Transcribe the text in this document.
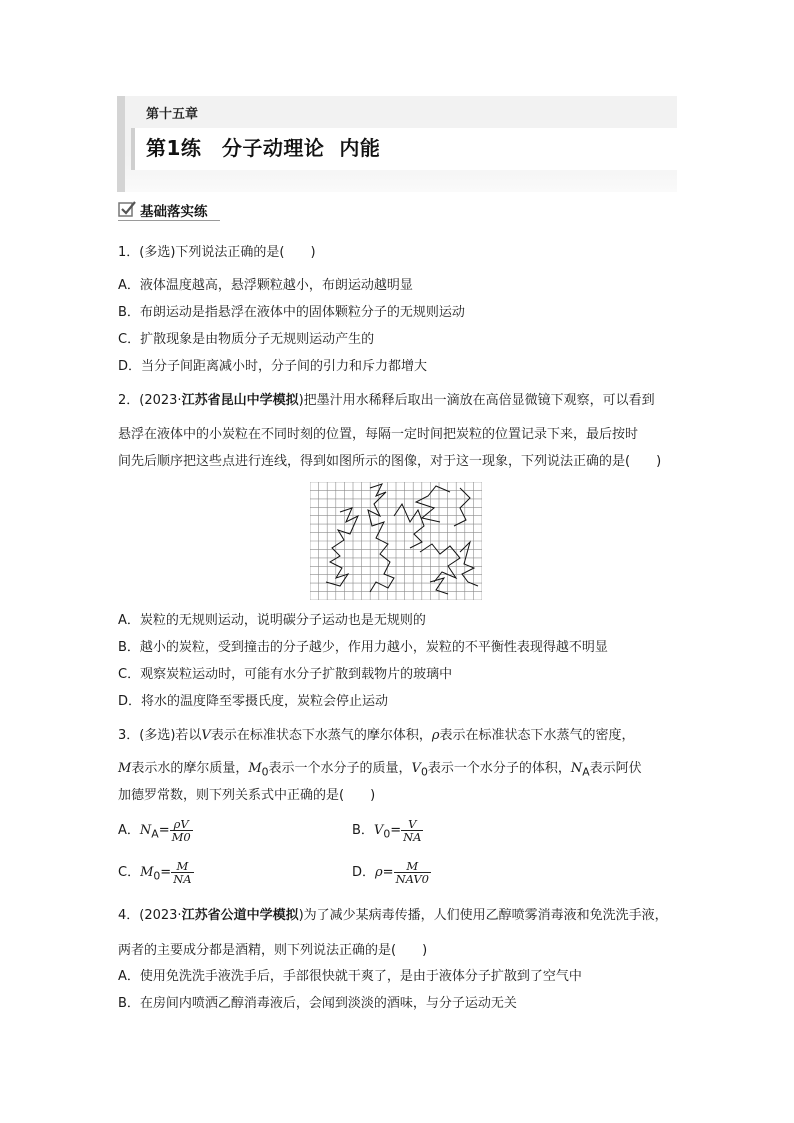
第十五章
第1练　分子动理论  内能
基础落实练
1．(多选)下列说法正确的是(　　)
A．液体温度越高，悬浮颗粒越小，布朗运动越明显
B．布朗运动是指悬浮在液体中的固体颗粒分子的无规则运动
C．扩散现象是由物质分子无规则运动产生的
D．当分子间距离减小时，分子间的引力和斥力都增大
2．(2023·江苏省昆山中学模拟)把墨汁用水稀释后取出一滴放在高倍显微镜下观察，可以看到
悬浮在液体中的小炭粒在不同时刻的位置，每隔一定时间把炭粒的位置记录下来，最后按时
间先后顺序把这些点进行连线，得到如图所示的图像，对于这一现象，下列说法正确的是(　　)
A．炭粒的无规则运动，说明碳分子运动也是无规则的
B．越小的炭粒，受到撞击的分子越少，作用力越小，炭粒的不平衡性表现得越不明显
C．观察炭粒运动时，可能有水分子扩散到载物片的玻璃中
D．将水的温度降至零摄氏度，炭粒会停止运动
3．(多选)若以V表示在标准状态下水蒸气的摩尔体积，ρ表示在标准状态下水蒸气的密度，
M表示水的摩尔质量，$M_0$表示一个水分子的质量，$V_0$表示一个水分子的体积，$N_A$表示阿伏
加德罗常数，则下列关系式中正确的是(　　)
A．$N_A= \frac{\rho V}{M0}$	B．$V_0= \frac{V}{NA}$
C．$M_0= \frac{M}{NA}$	D．$\rho= \frac{M}{\text{NAV0}}$
4．(2023·江苏省公道中学模拟)为了减少某病毒传播，人们使用乙醇喷雾消毒液和免洗洗手液，
两者的主要成分都是酒精，则下列说法正确的是(　　)
A．使用免洗洗手液洗手后，手部很快就干爽了，是由于液体分子扩散到了空气中
B．在房间内喷洒乙醇消毒液后，会闻到淡淡的酒味，与分子运动无关
